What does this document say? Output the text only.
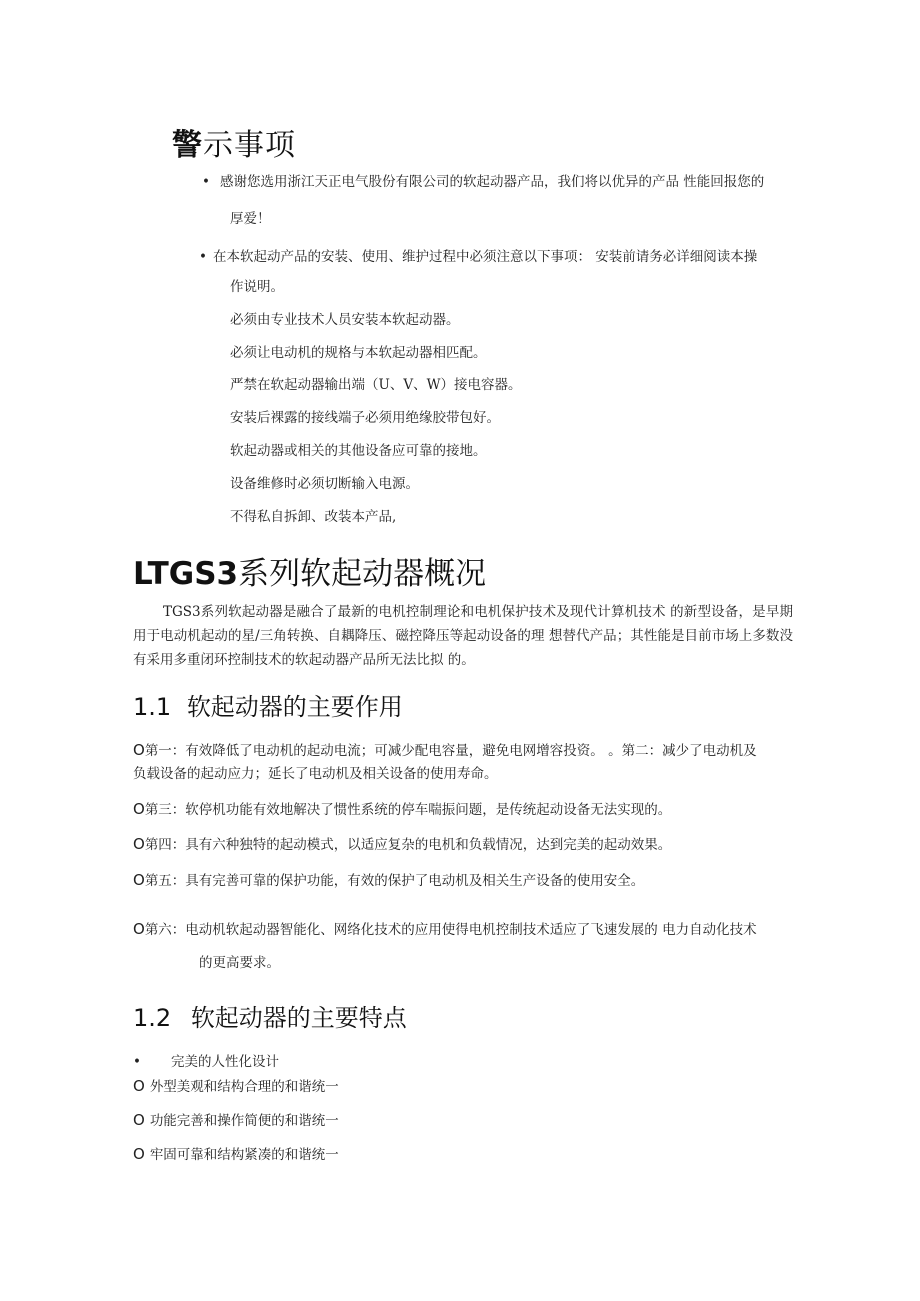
警示事项
• 感谢您选用浙江天正电气股份有限公司的软起动器产品，我们将以优异的产品 性能回报您的
厚爱！
• 在本软起动产品的安装、使用、维护过程中必须注意以下事项： 安装前请务必详细阅读本操
作说明。
必须由专业技术人员安装本软起动器。
必须让电动机的规格与本软起动器相匹配。
严禁在软起动器输出端（U、V、W）接电容器。
安装后裸露的接线端子必须用绝缘胶带包好。
软起动器或相关的其他设备应可靠的接地。
设备维修时必须切断输入电源。
不得私自拆卸、改装本产品,
LTGS3系列软起动器概况
TGS3系列软起动器是融合了最新的电机控制理论和电机保护技术及现代计算机技术 的新型设备，是早期用于电动机起动的星/三角转换、自耦降压、磁控降压等起动设备的理 想替代产品；其性能是目前市场上多数没有采用多重闭环控制技术的软起动器产品所无法比拟 的。
1.1 软起动器的主要作用
O第一：有效降低了电动机的起动电流；可减少配电容量，避免电网增容投资。 。第二：减少了电动机及
负载设备的起动应力；延长了电动机及相关设备的使用寿命。
O第三：软停机功能有效地解决了惯性系统的停车喘振问题，是传统起动设备无法实现的。
O第四：具有六种独特的起动模式，以适应复杂的电机和负载情况，达到完美的起动效果。
O第五：具有完善可靠的保护功能，有效的保护了电动机及相关生产设备的使用安全。
O第六：电动机软起动器智能化、网络化技术的应用使得电机控制技术适应了飞速发展的 电力自动化技术
的更高要求。
1.2 软起动器的主要特点
• 完美的人性化设计
O 外型美观和结构合理的和谐统一
O 功能完善和操作简便的和谐统一
O 牢固可靠和结构紧凑的和谐统一
